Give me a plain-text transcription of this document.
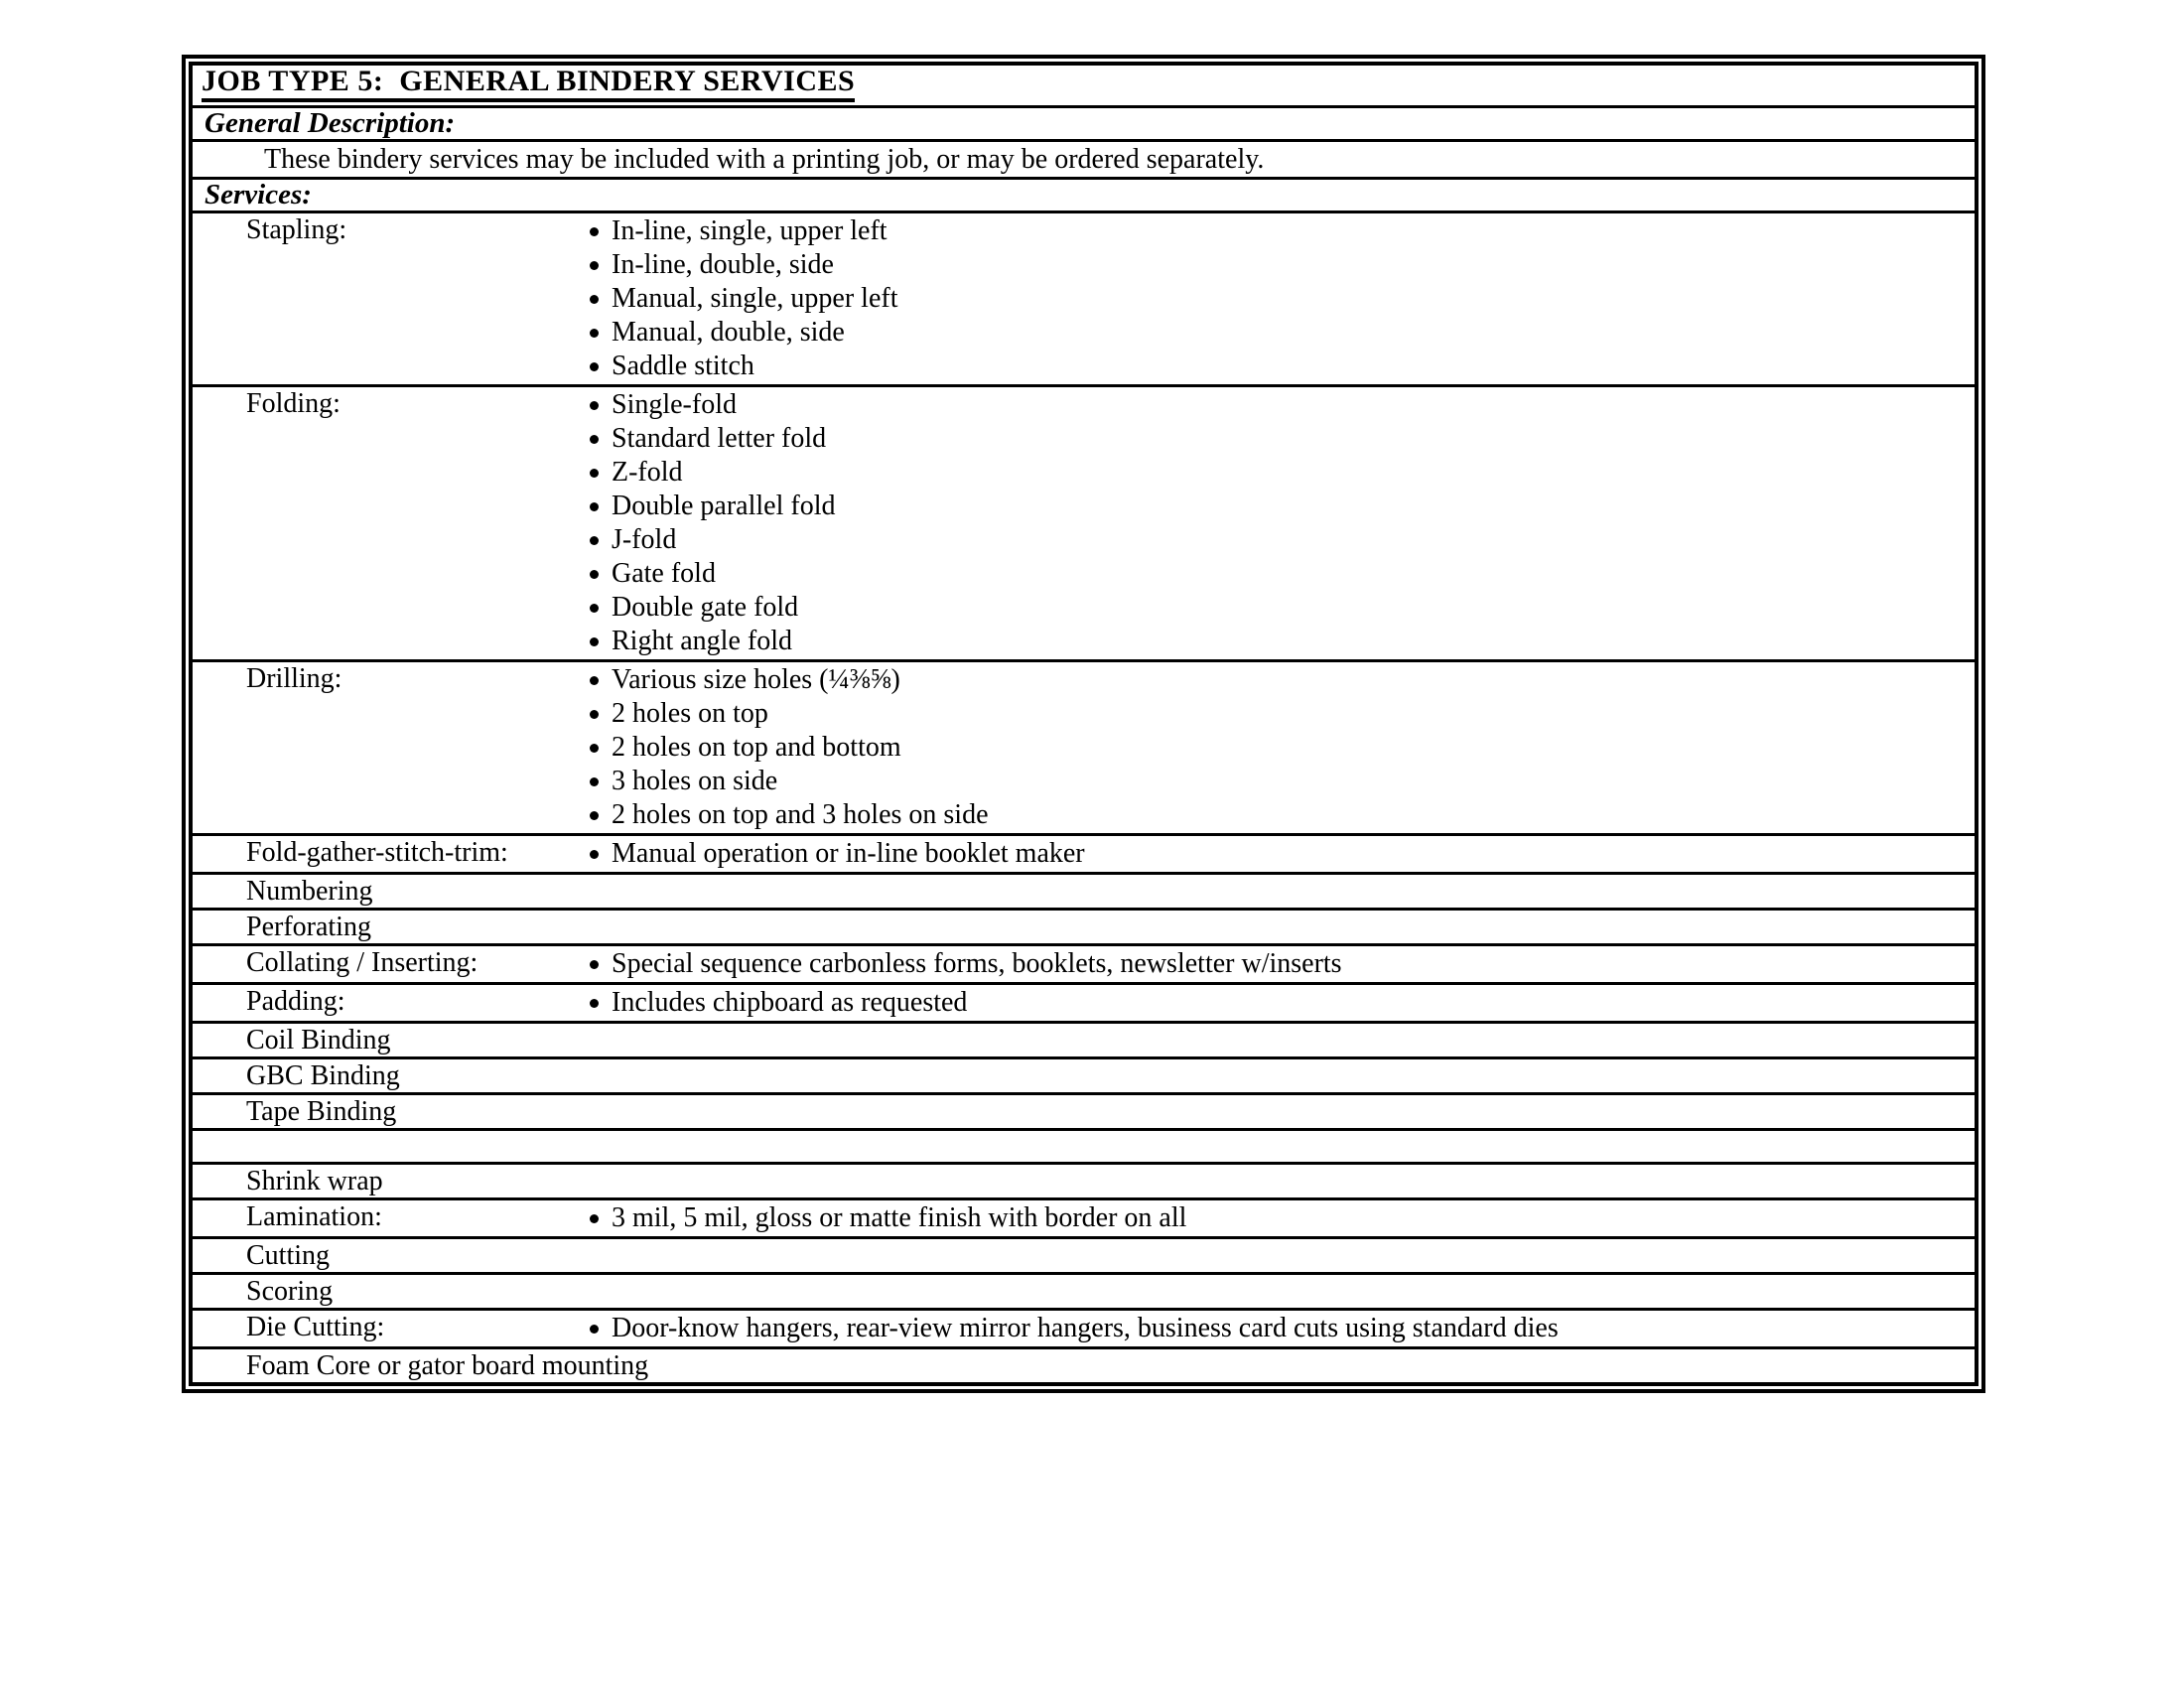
JOB TYPE 5:  GENERAL BINDERY SERVICES
General Description:
These bindery services may be included with a printing job, or may be ordered separately.
Services:
Stapling:	In-line, single, upper left
In-line, double, side
Manual, single, upper left
Manual, double, side
Saddle stitch
Folding:	Single-fold
Standard letter fold
Z-fold
Double parallel fold
J-fold
Gate fold
Double gate fold
Right angle fold
Drilling:	Various size holes (¼⅜⅝)
2 holes on top
2 holes on top and bottom
3 holes on side
2 holes on top and 3 holes on side
Fold-gather-stitch-trim:	Manual operation or in-line booklet maker
Numbering
Perforating
Collating / Inserting:	Special sequence carbonless forms, booklets, newsletter w/inserts
Padding:	Includes chipboard as requested
Coil Binding
GBC Binding
Tape Binding
Shrink wrap
Lamination:	3 mil, 5 mil, gloss or matte finish with border on all
Cutting
Scoring
Die Cutting:	Door-know hangers, rear-view mirror hangers, business card cuts using standard dies
Foam Core or gator board mounting
